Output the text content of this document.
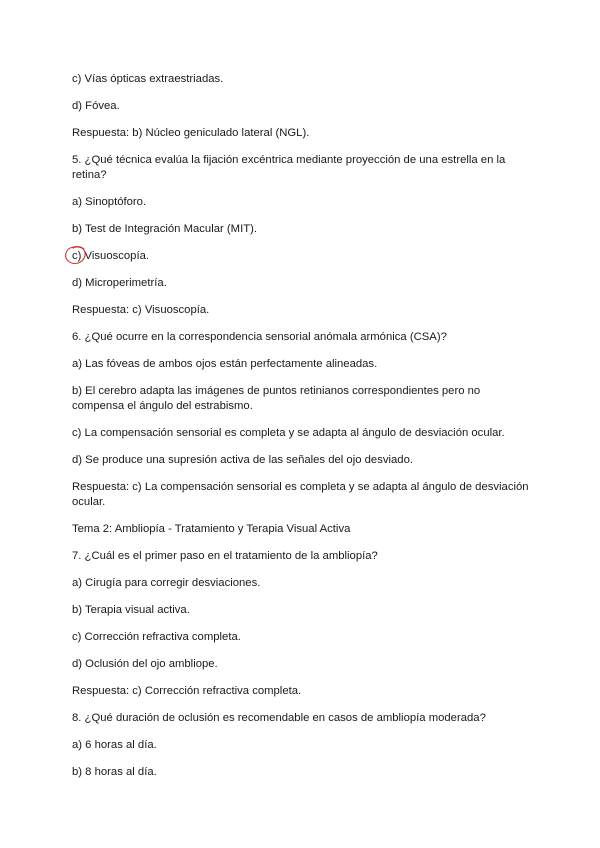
c) Vías ópticas extraestriadas.

d) Fóvea.

Respuesta: b) Núcleo geniculado lateral (NGL).

5. ¿Qué técnica evalúa la fijación excéntrica mediante proyección de una estrella en la retina?

a) Sinoptóforo.

b) Test de Integración Macular (MIT).

c) Visuoscopía.

d) Microperimetría.

Respuesta: c) Visuoscopía.

6. ¿Qué ocurre en la correspondencia sensorial anómala armónica (CSA)?

a) Las fóveas de ambos ojos están perfectamente alineadas.

b) El cerebro adapta las imágenes de puntos retinianos correspondientes pero no compensa el ángulo del estrabismo.

c) La compensación sensorial es completa y se adapta al ángulo de desviación ocular.

d) Se produce una supresión activa de las señales del ojo desviado.

Respuesta: c) La compensación sensorial es completa y se adapta al ángulo de desviación ocular.

Tema 2: Ambliopía - Tratamiento y Terapia Visual Activa

7. ¿Cuál es el primer paso en el tratamiento de la ambliopía?

a) Cirugía para corregir desviaciones.

b) Terapia visual activa.

c) Corrección refractiva completa.

d) Oclusión del ojo ambliope.

Respuesta: c) Corrección refractiva completa.

8. ¿Qué duración de oclusión es recomendable en casos de ambliopía moderada?

a) 6 horas al día.

b) 8 horas al día.
